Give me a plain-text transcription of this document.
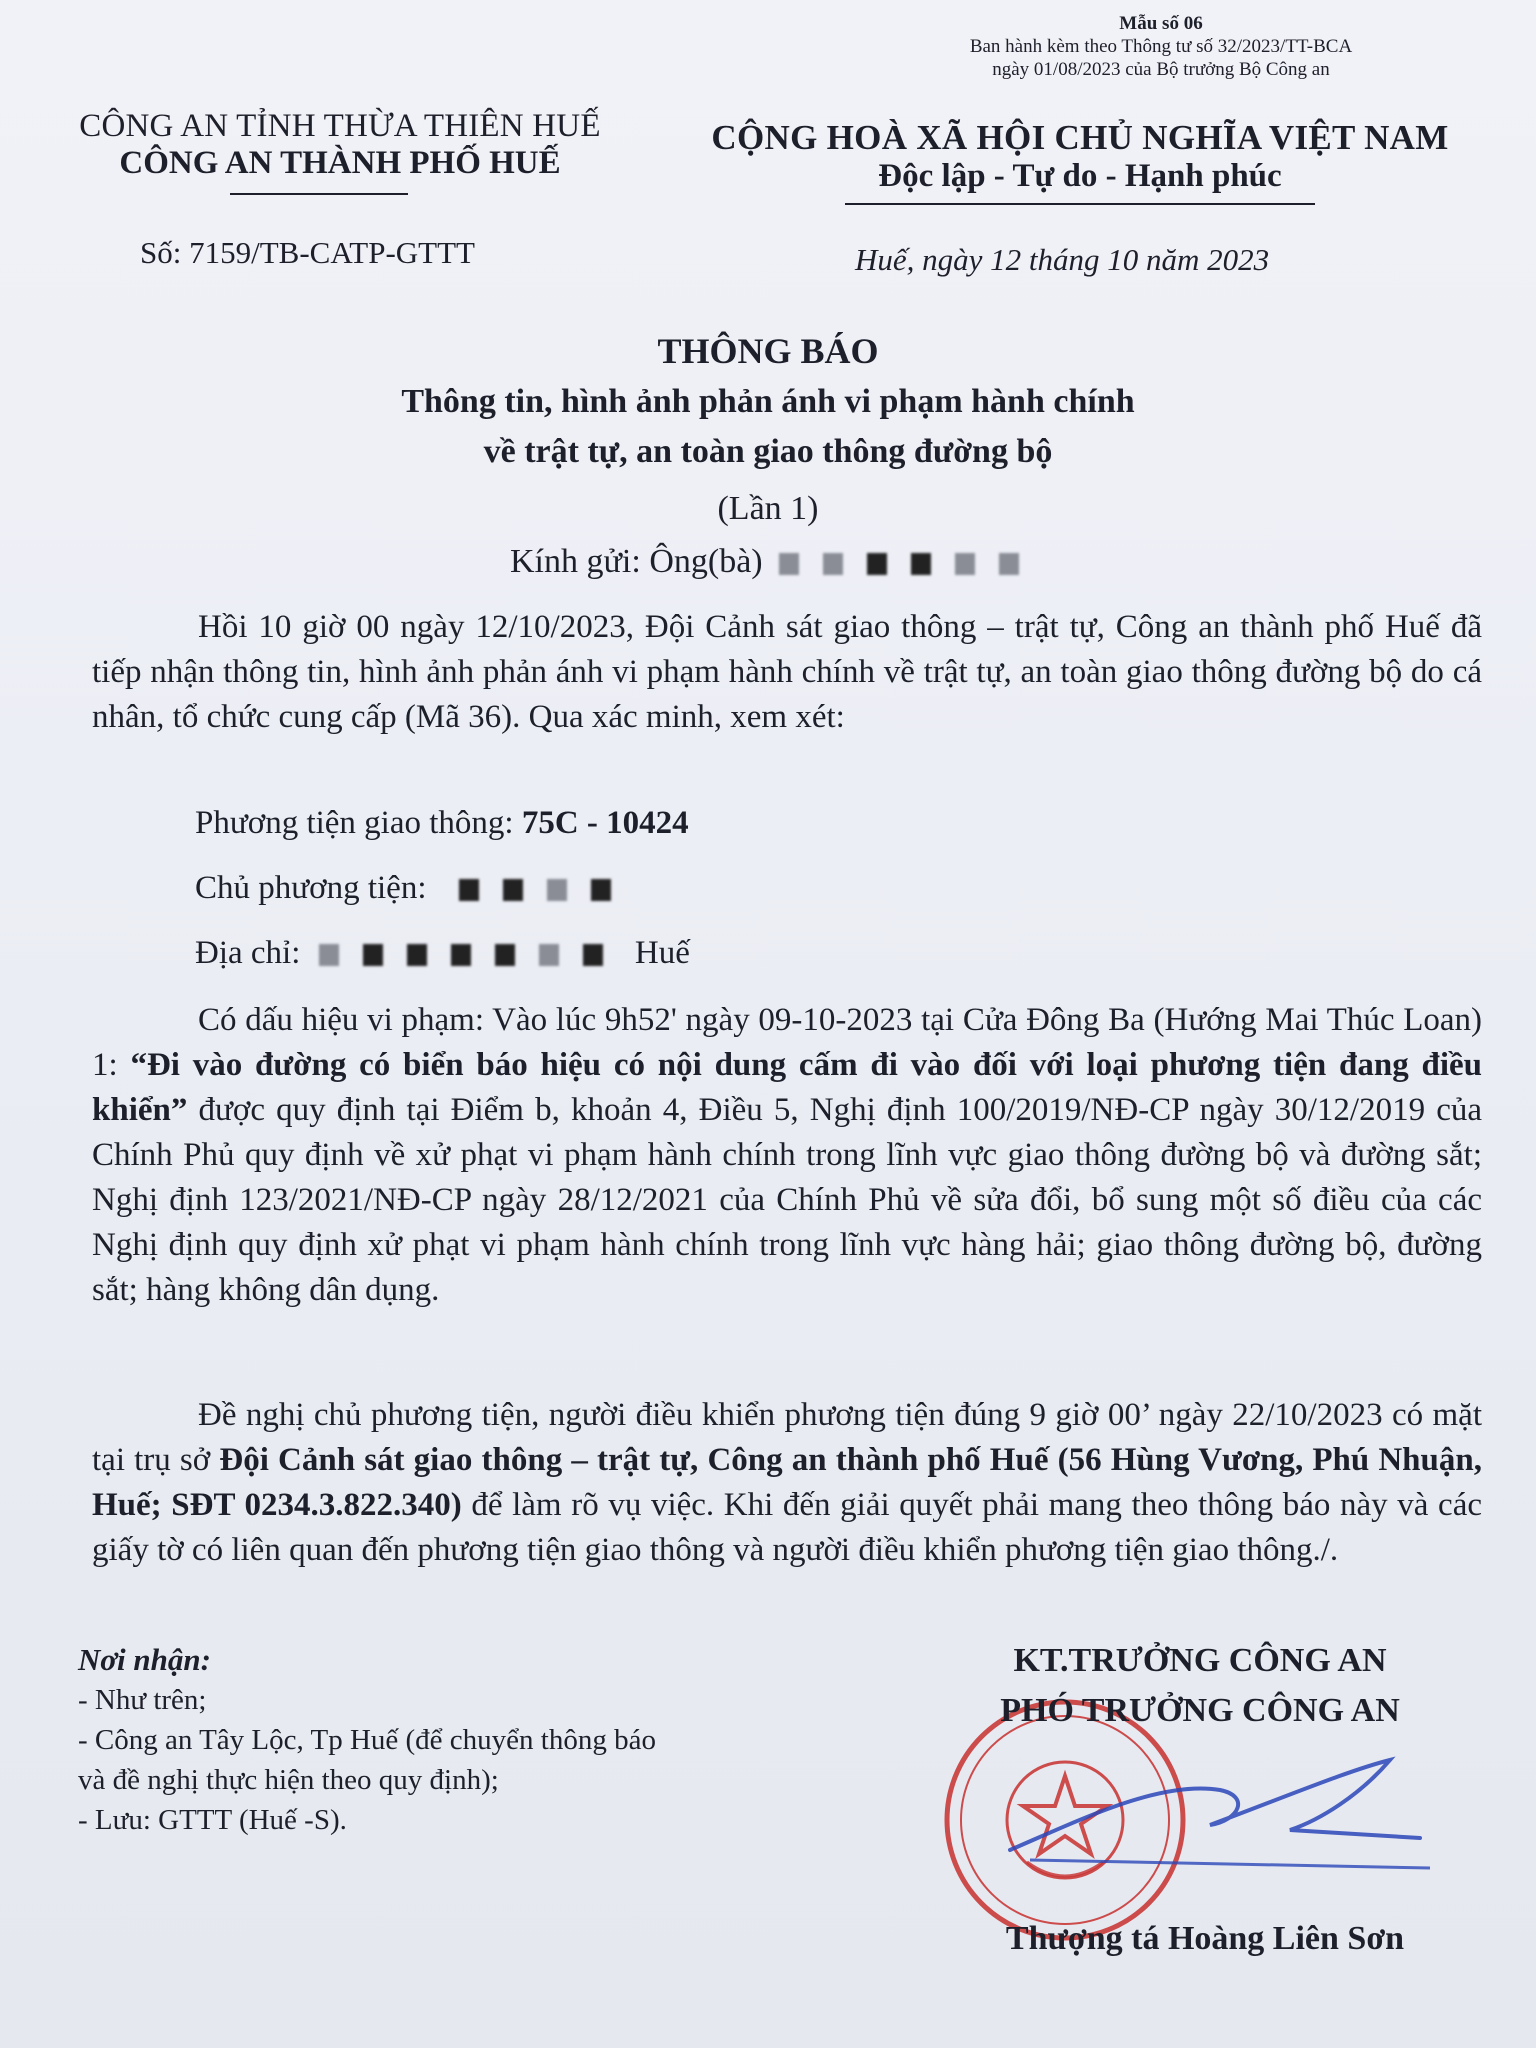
Mẫu số 06
Ban hành kèm theo Thông tư số 32/2023/TT-BCA
ngày 01/08/2023 của Bộ trưởng Bộ Công an
CÔNG AN TỈNH THỪA THIÊN HUẾ
CÔNG AN THÀNH PHỐ HUẾ
CỘNG HOÀ XÃ HỘI CHỦ NGHĨA VIỆT NAM
Độc lập - Tự do - Hạnh phúc
Số: 7159/TB-CATP-GTTT	Huế, ngày 12 tháng 10 năm 2023
THÔNG BÁO
Thông tin, hình ảnh phản ánh vi phạm hành chính
về trật tự, an toàn giao thông đường bộ
(Lần 1)
Kính gửi: Ông(bà)

Hồi 10 giờ 00 ngày 12/10/2023, Đội Cảnh sát giao thông – trật tự, Công an thành phố Huế đã tiếp nhận thông tin, hình ảnh phản ánh vi phạm hành chính về trật tự, an toàn giao thông đường bộ do cá nhân, tổ chức cung cấp (Mã 36). Qua xác minh, xem xét:

Phương tiện giao thông: 75C - 10424
Chủ phương tiện:
Địa chỉ:	Huế

Có dấu hiệu vi phạm: Vào lúc 9h52' ngày 09-10-2023 tại Cửa Đông Ba (Hướng Mai Thúc Loan) 1: “Đi vào đường có biển báo hiệu có nội dung cấm đi vào đối với loại phương tiện đang điều khiển” được quy định tại Điểm b, khoản 4, Điều 5, Nghị định 100/2019/NĐ-CP ngày 30/12/2019 của Chính Phủ quy định về xử phạt vi phạm hành chính trong lĩnh vực giao thông đường bộ và đường sắt; Nghị định 123/2021/NĐ-CP ngày 28/12/2021 của Chính Phủ về sửa đổi, bổ sung một số điều của các Nghị định quy định xử phạt vi phạm hành chính trong lĩnh vực hàng hải; giao thông đường bộ, đường sắt; hàng không dân dụng.

Đề nghị chủ phương tiện, người điều khiển phương tiện đúng 9 giờ 00’ ngày 22/10/2023 có mặt tại trụ sở Đội Cảnh sát giao thông – trật tự, Công an thành phố Huế (56 Hùng Vương, Phú Nhuận, Huế; SĐT 0234.3.822.340) để làm rõ vụ việc. Khi đến giải quyết phải mang theo thông báo này và các giấy tờ có liên quan đến phương tiện giao thông và người điều khiển phương tiện giao thông./.

Nơi nhận:
- Như trên;
- Công an Tây Lộc, Tp Huế (để chuyển thông báo
và đề nghị thực hiện theo quy định);
- Lưu: GTTT (Huế -S).
KT.TRƯỞNG CÔNG AN
PHÓ TRƯỞNG CÔNG AN
Thượng tá Hoàng Liên Sơn
